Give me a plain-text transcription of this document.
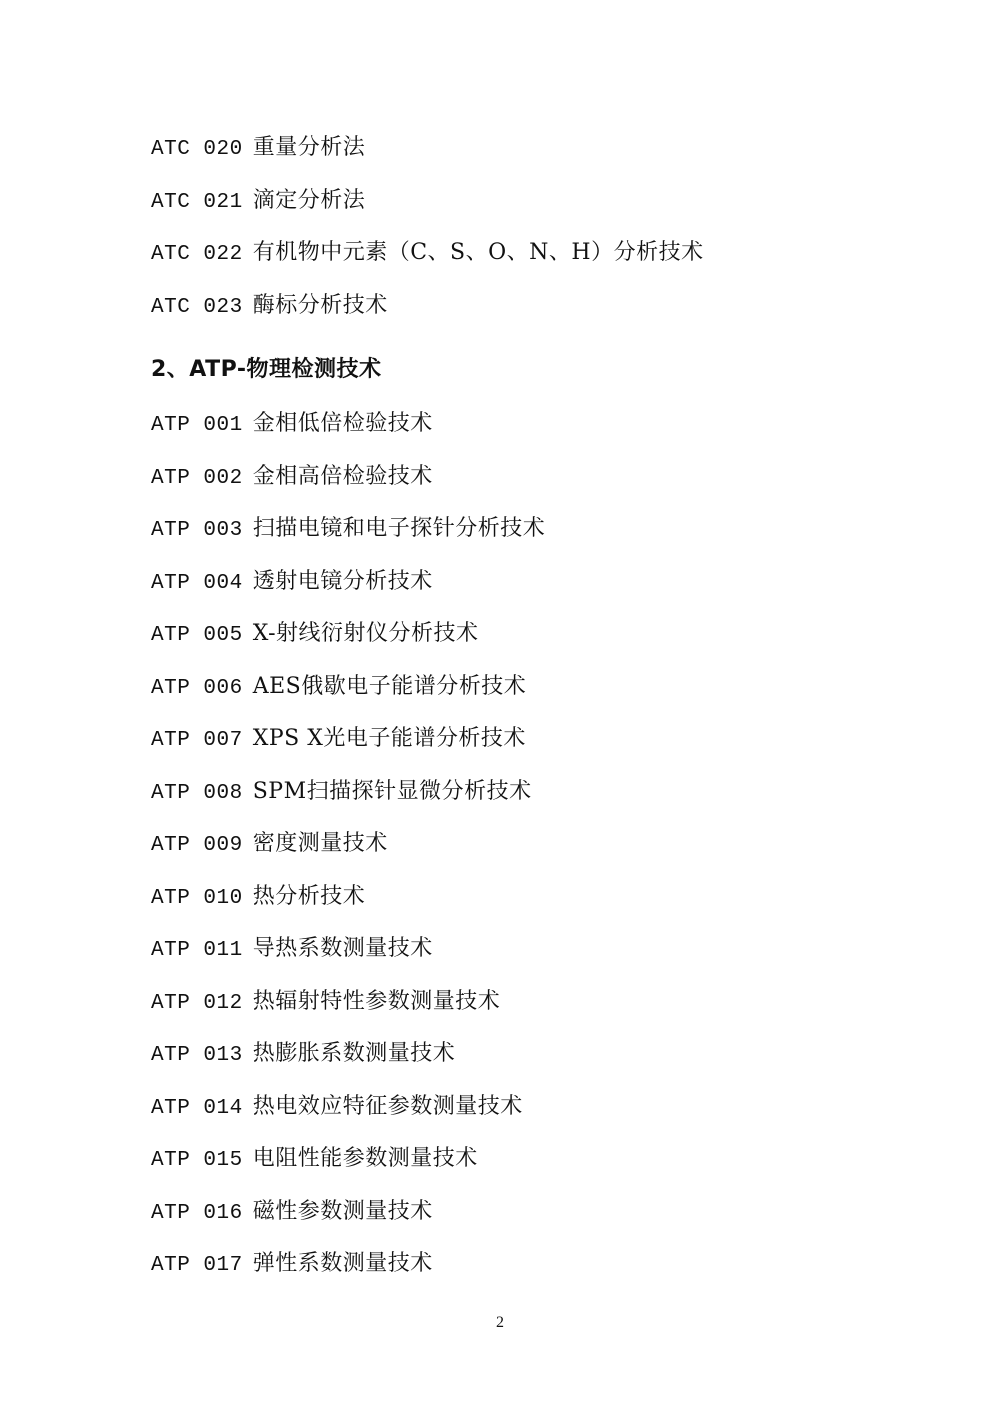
ATC 020 重量分析法
ATC 021 滴定分析法
ATC 022 有机物中元素（C、S、O、N、H）分析技术
ATC 023 酶标分析技术
2、ATP-物理检测技术
ATP 001 金相低倍检验技术
ATP 002 金相高倍检验技术
ATP 003 扫描电镜和电子探针分析技术
ATP 004 透射电镜分析技术
ATP 005 X-射线衍射仪分析技术
ATP 006 AES俄歇电子能谱分析技术
ATP 007 XPS X光电子能谱分析技术
ATP 008 SPM扫描探针显微分析技术
ATP 009 密度测量技术
ATP 010 热分析技术
ATP 011 导热系数测量技术
ATP 012 热辐射特性参数测量技术
ATP 013 热膨胀系数测量技术
ATP 014 热电效应特征参数测量技术
ATP 015 电阻性能参数测量技术
ATP 016 磁性参数测量技术
ATP 017 弹性系数测量技术
2
